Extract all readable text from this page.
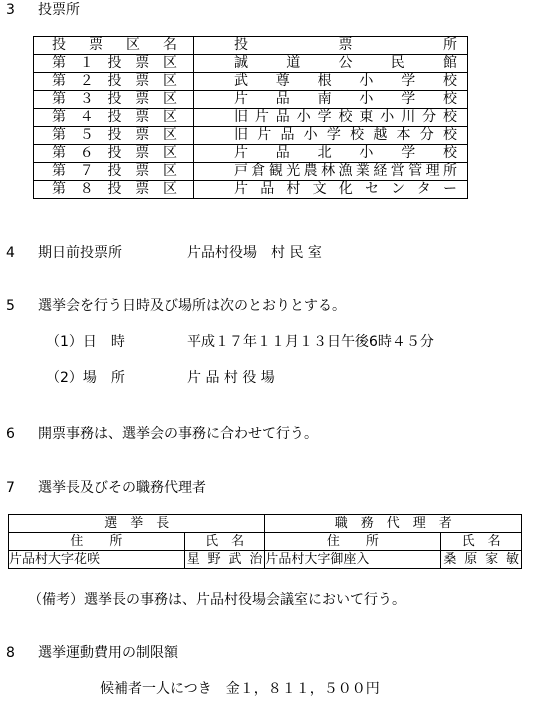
3 投票所
投票区名	投票所
第１投票区	誠道公民館
第２投票区	武尊根小学校
第３投票区	片品南小学校
第４投票区	旧片品小学校東小川分校
第５投票区	旧片品小学校越本分校
第６投票区	片品北小学校
第７投票区	戸倉観光農林漁業経営管理所
第８投票区	片品村文化センター
4 期日前投票所	片品村役場　村 民 室
5 選挙会を行う日時及び場所は次のとおりとする。
（1）日　時	平成１７年１１月１３日午後6時４５分
（2）場　所	片 品 村 役 場
6 開票事務は、選挙会の事務に合わせて行う。
7 選挙長及びその職務代理者
選　挙　長		職　務　代　理　者	
住　　所	氏　名	住　　所	氏　名
片品村大字花咲	星野武治	片品村大字御座入	桑原家敏
（備考）選挙長の事務は、片品村役場会議室において行う。
8 選挙運動費用の制限額
候補者一人につき　金１，８１１，５００円
